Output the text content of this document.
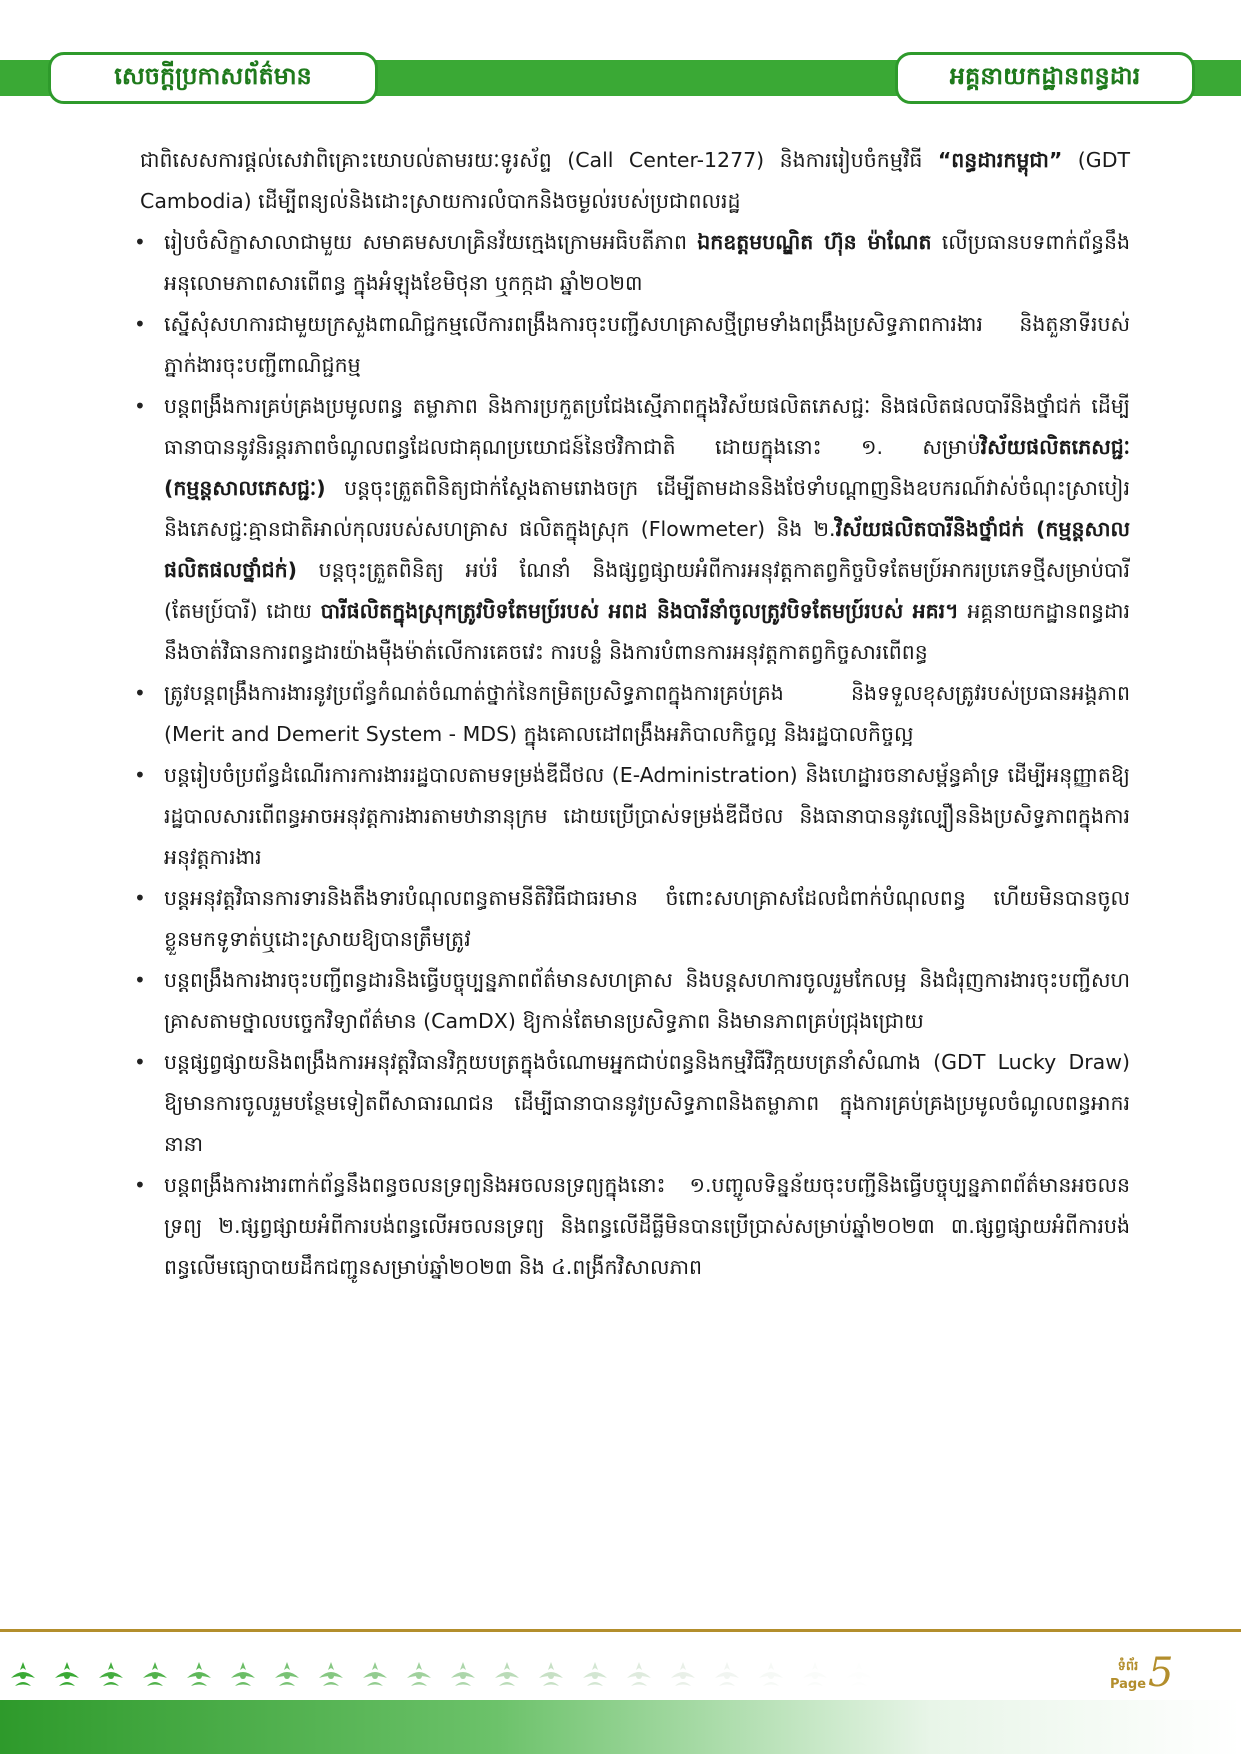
សេចក្តីប្រកាសព័ត៌មាន	អគ្គនាយកដ្ឋានពន្ធដារ

ជាពិសេសការផ្តល់សេវាពិគ្រោះយោបល់តាមរយៈទូរស័ព្ទ (Call Center-1277) និងការរៀបចំកម្មវិធី “ពន្ធដារកម្ពុជា” (GDT Cambodia) ដើម្បីពន្យល់និងដោះស្រាយការលំបាកនិងចម្ងល់របស់ប្រជាពលរដ្ឋ

• រៀបចំសិក្ខាសាលាជាមួយ សមាគមសហគ្រិនវ័យក្មេងក្រោមអធិបតីភាព ឯកឧត្តមបណ្ឌិត ហ៊ុន ម៉ាណែត លើប្រធានបទពាក់ព័ន្ធនឹងអនុលោមភាពសារពើពន្ធ ក្នុងអំឡុងខែមិថុនា ឬកក្កដា ឆ្នាំ២០២៣

• ស្នើសុំសហការជាមួយក្រសួងពាណិជ្ជកម្មលើការពង្រឹងការចុះបញ្ជីសហគ្រាសថ្មីព្រមទាំងពង្រឹងប្រសិទ្ធភាពការងារ និងតួនាទីរបស់ភ្នាក់ងារចុះបញ្ជីពាណិជ្ជកម្ម

• បន្តពង្រឹងការគ្រប់គ្រងប្រមូលពន្ធ តម្លាភាព និងការប្រកួតប្រជែងស្មើភាពក្នុងវិស័យផលិតភេសជ្ជៈ និងផលិតផលបារីនិងថ្នាំជក់ ដើម្បីធានាបាននូវនិរន្តរភាពចំណូលពន្ធដែលជាគុណប្រយោជន៍នៃថវិកាជាតិ ដោយក្នុងនោះ ១. សម្រាប់វិស័យផលិតភេសជ្ជៈ (កម្មន្តសាលភេសជ្ជៈ) បន្តចុះត្រួតពិនិត្យជាក់ស្តែងតាមរោងចក្រ ដើម្បីតាមដាននិងថែទាំបណ្តាញនិងឧបករណ៍វាស់ចំណុះស្រាបៀរ និងភេសជ្ជៈគ្មានជាតិអាល់កុលរបស់សហគ្រាស ផលិតក្នុងស្រុក (Flowmeter) និង ២.វិស័យផលិតបារីនិងថ្នាំជក់ (កម្មន្តសាលផលិតផលថ្នាំជក់) បន្តចុះត្រួតពិនិត្យ អប់រំ ណែនាំ និងផ្សព្វផ្សាយអំពីការអនុវត្តកាតព្វកិច្ចបិទតែមប្រ៍អាករប្រភេទថ្មីសម្រាប់បារី (តែមប្រ៍បារី) ដោយ បារីផលិតក្នុងស្រុកត្រូវបិទតែមប្រ៍របស់ អពដ និងបារីនាំចូលត្រូវបិទតែមប្រ៍របស់ អគរ។ អគ្គនាយកដ្ឋានពន្ធដារនឹងចាត់វិធានការពន្ធដារយ៉ាងម៉ឺងម៉ាត់លើការគេចវេះ ការបន្លំ និងការបំពានការអនុវត្តកាតព្វកិច្ចសារពើពន្ធ

• ត្រូវបន្តពង្រឹងការងារនូវប្រព័ន្ធកំណត់ចំណាត់ថ្នាក់នៃកម្រិតប្រសិទ្ធភាពក្នុងការគ្រប់គ្រង និងទទួលខុសត្រូវរបស់ប្រធានអង្គភាព (Merit and Demerit System - MDS) ក្នុងគោលដៅពង្រឹងអភិបាលកិច្ចល្អ និងរដ្ឋបាលកិច្ចល្អ

• បន្តរៀបចំប្រព័ន្ធដំណើរការការងាររដ្ឋបាលតាមទម្រង់ឌីជីថល (E-Administration) និងហេដ្ឋារចនាសម្ព័ន្ធគាំទ្រ ដើម្បីអនុញ្ញាតឱ្យរដ្ឋបាលសារពើពន្ធអាចអនុវត្តការងារតាមឋានានុក្រម ដោយប្រើប្រាស់ទម្រង់ឌីជីថល និងធានាបាននូវល្បឿននិងប្រសិទ្ធភាពក្នុងការអនុវត្តការងារ

• បន្តអនុវត្តវិធានការទារនិងតឹងទារបំណុលពន្ធតាមនីតិវិធីជាធរមាន ចំពោះសហគ្រាសដែលជំពាក់បំណុលពន្ធ ហើយមិនបានចូលខ្លួនមកទូទាត់ឬដោះស្រាយឱ្យបានត្រឹមត្រូវ

• បន្តពង្រឹងការងារចុះបញ្ជីពន្ធដារនិងធ្វើបច្ចុប្បន្នភាពព័ត៌មានសហគ្រាស និងបន្តសហការចូលរួមកែលម្អ និងជំរុញការងារចុះបញ្ជីសហគ្រាសតាមថ្នាលបច្ចេកវិទ្យាព័ត៌មាន (CamDX) ឱ្យកាន់តែមានប្រសិទ្ធភាព និងមានភាពគ្រប់ជ្រុងជ្រោយ

• បន្តផ្សព្វផ្សាយនិងពង្រឹងការអនុវត្តវិធានវិក្កយបត្រក្នុងចំណោមអ្នកជាប់ពន្ធនិងកម្មវិធីវិក្កយបត្រនាំសំណាង (GDT Lucky Draw) ឱ្យមានការចូលរួមបន្ថែមទៀតពីសាធារណជន ដើម្បីធានាបាននូវប្រសិទ្ធភាពនិងតម្លាភាព ក្នុងការគ្រប់គ្រងប្រមូលចំណូលពន្ធអាករនានា

• បន្តពង្រឹងការងារពាក់ព័ន្ធនឹងពន្ធចលនទ្រព្យនិងអចលនទ្រព្យក្នុងនោះ ១.បញ្ចូលទិន្នន័យចុះបញ្ជីនិងធ្វើបច្ចុប្បន្នភាពព័ត៌មានអចលនទ្រព្យ ២.ផ្សព្វផ្សាយអំពីការបង់ពន្ធលើអចលនទ្រព្យ និងពន្ធលើដីធ្លីមិនបានប្រើប្រាស់សម្រាប់ឆ្នាំ២០២៣ ៣.ផ្សព្វផ្សាយអំពីការបង់ពន្ធលើមធ្យោបាយដឹកជញ្ជូនសម្រាប់ឆ្នាំ២០២៣ និង ៤.ពង្រីកវិសាលភាព

ទំព័រ
Page 5
